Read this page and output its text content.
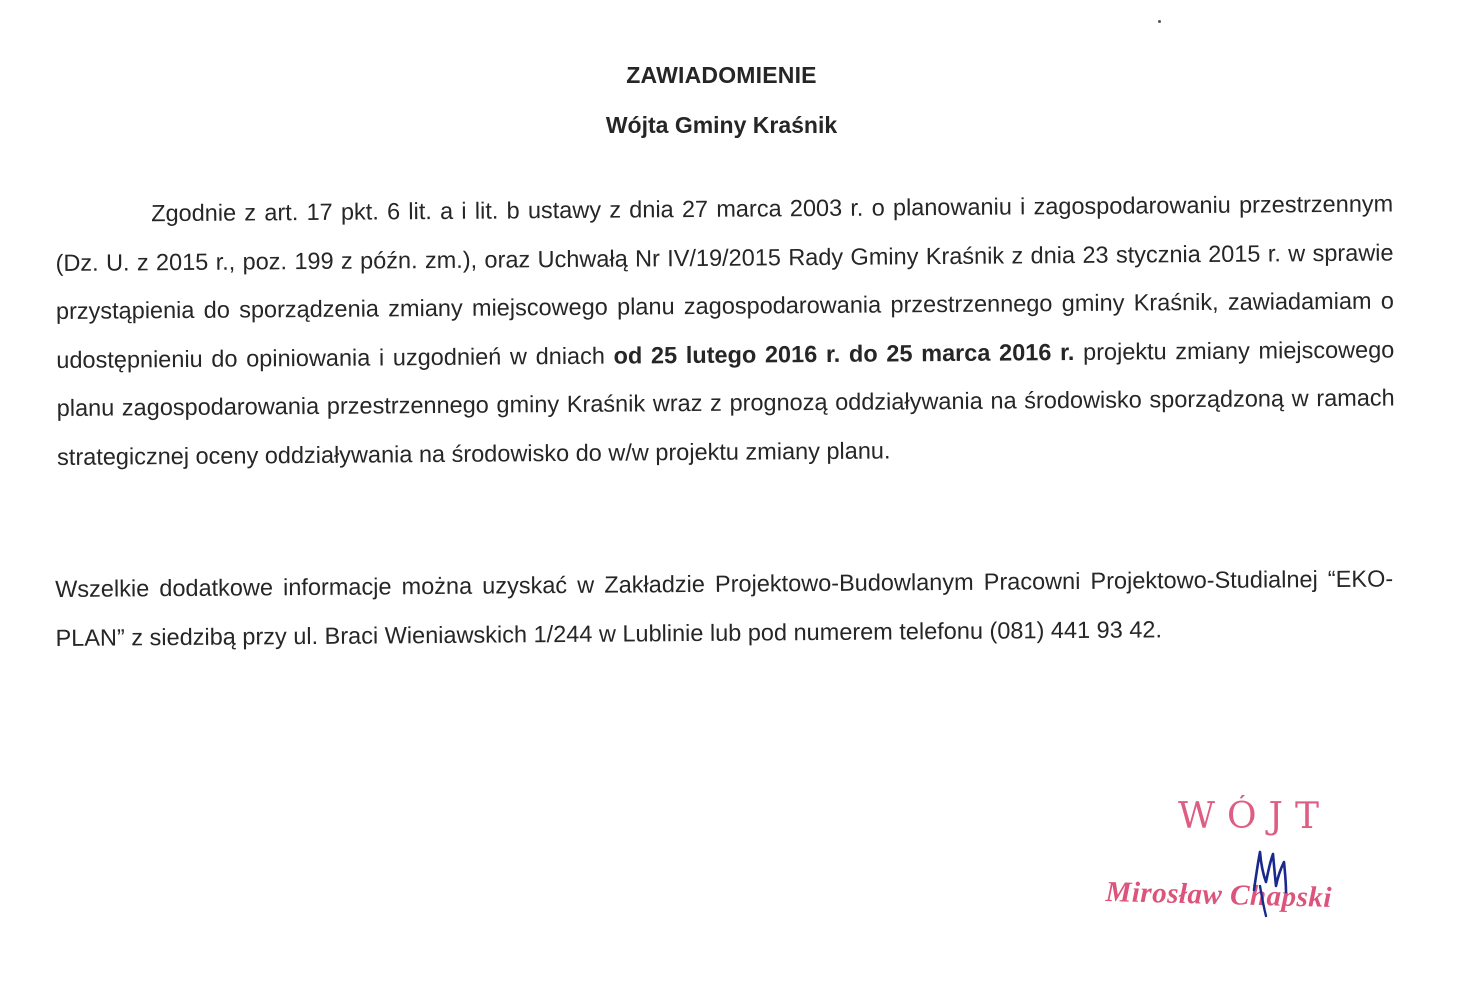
ZAWIADOMIENIE
Wójta Gminy Kraśnik

Zgodnie z art. 17 pkt. 6 lit. a i lit. b ustawy z dnia 27 marca 2003 r. o planowaniu i zagospodarowaniu przestrzennym (Dz. U. z 2015 r., poz. 199 z późn. zm.), oraz Uchwałą Nr IV/19/2015 Rady Gminy Kraśnik z dnia 23 stycznia 2015 r. w sprawie przystąpienia do sporządzenia zmiany miejscowego planu zagospodarowania przestrzennego gminy Kraśnik, zawiadamiam o udostępnieniu do opiniowania i uzgodnień w dniach od 25 lutego 2016 r. do 25 marca 2016 r. projektu zmiany miejscowego planu zagospodarowania przestrzennego gminy Kraśnik wraz z prognozą oddziaływania na środowisko sporządzoną w ramach strategicznej oceny oddziaływania na środowisko do w/w projektu zmiany planu.

Wszelkie dodatkowe informacje można uzyskać w Zakładzie Projektowo-Budowlanym Pracowni Projektowo-Studialnej “EKO-PLAN” z siedzibą przy ul. Braci Wieniawskich 1/244 w Lublinie lub pod numerem telefonu (081) 441 93 42.

WÓJT
Mirosław Chapski
